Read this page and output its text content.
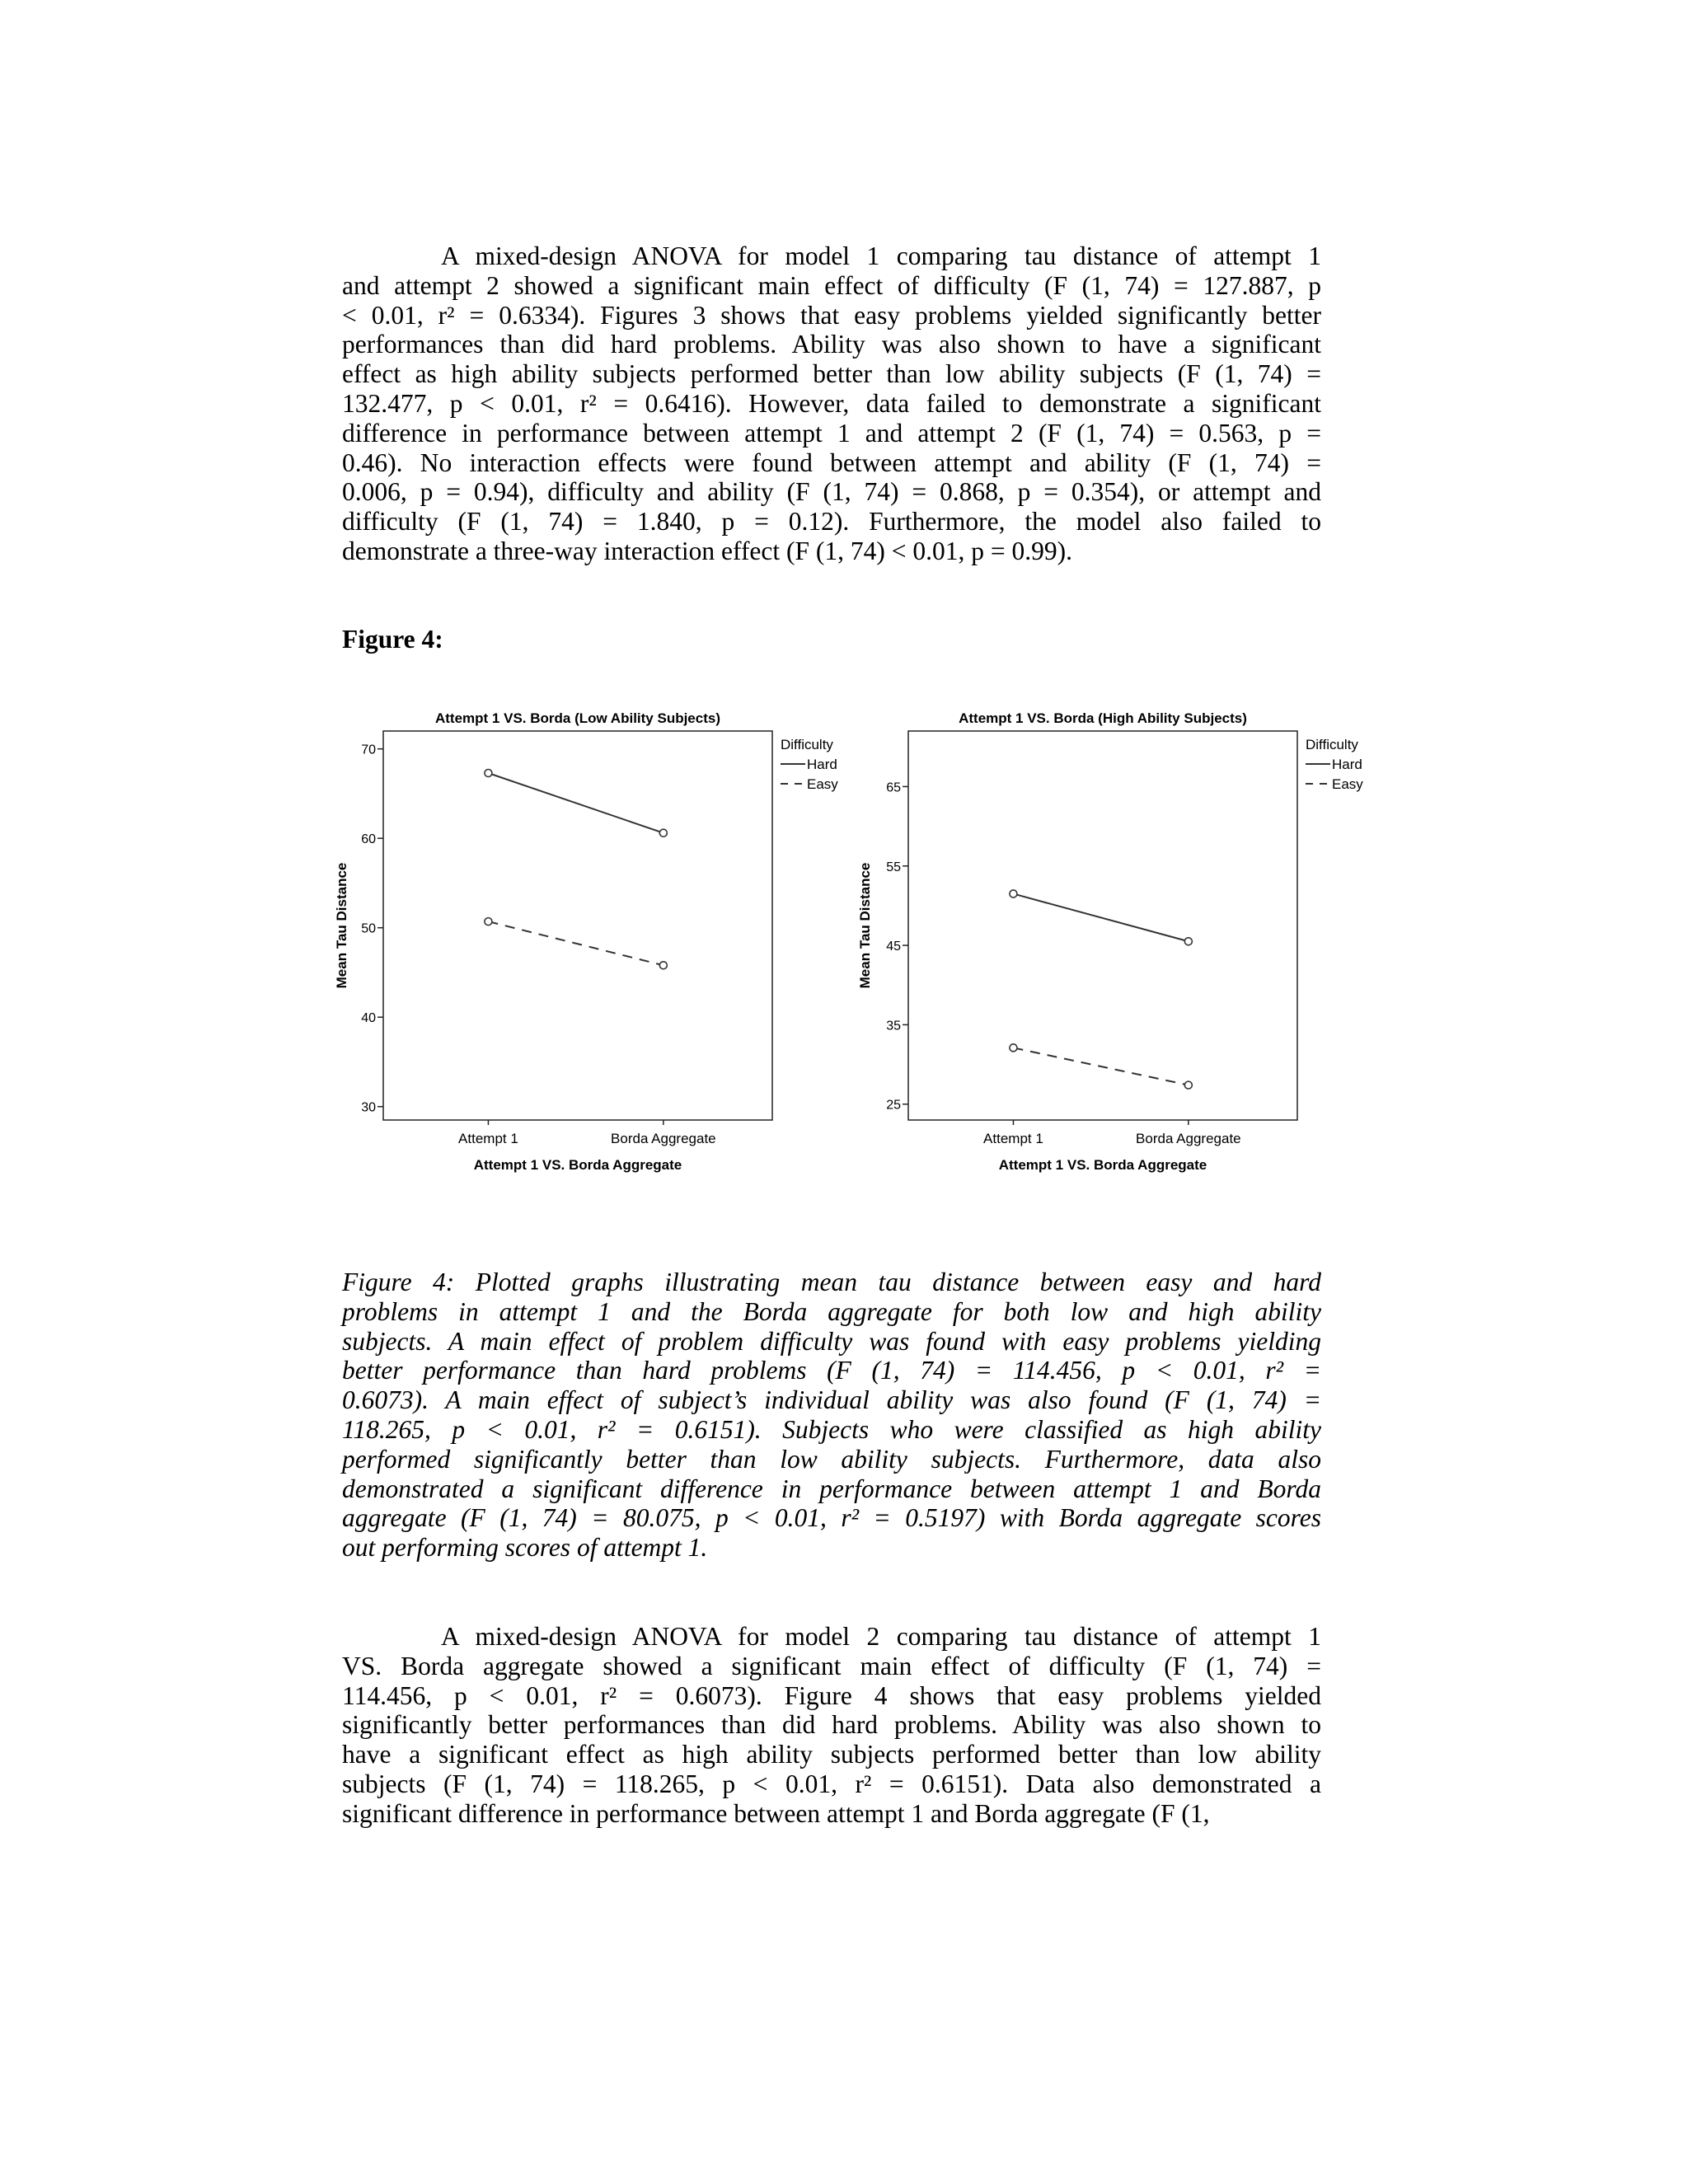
A mixed-design ANOVA for model 1 comparing tau distance of attempt 1
and attempt 2 showed a significant main effect of difficulty (F (1, 74) = 127.887, p
< 0.01, r² = 0.6334). Figures 3 shows that easy problems yielded significantly better
performances than did hard problems. Ability was also shown to have a significant
effect as high ability subjects performed better than low ability subjects (F (1, 74) =
132.477, p < 0.01, r² = 0.6416). However, data failed to demonstrate a significant
difference in performance between attempt 1 and attempt 2 (F (1, 74) = 0.563, p =
0.46). No interaction effects were found between attempt and ability (F (1, 74) =
0.006, p = 0.94), difficulty and ability (F (1, 74) = 0.868, p = 0.354), or attempt and
difficulty (F (1, 74) = 1.840, p = 0.12). Furthermore, the model also failed to
demonstrate a three-way interaction effect (F (1, 74) < 0.01, p = 0.99).
Figure 4:
Attempt 1 VS. Borda (Low Ability Subjects)
30
40
50
60
70
Attempt 1	Borda Aggregate
Attempt 1 VS. Borda Aggregate
Mean Tau Distance
Difficulty
Hard
Easy
Attempt 1 VS. Borda (High Ability Subjects)
25
35
45
55
65
Attempt 1	Borda Aggregate
Attempt 1 VS. Borda Aggregate
Mean Tau Distance
Difficulty
Hard
Easy
Figure 4: Plotted graphs illustrating mean tau distance between easy and hard
problems in attempt 1 and the Borda aggregate for both low and high ability
subjects. A main effect of problem difficulty was found with easy problems yielding
better performance than hard problems (F (1, 74) = 114.456, p < 0.01, r² =
0.6073). A main effect of subject’s individual ability was also found (F (1, 74) =
118.265, p < 0.01, r² = 0.6151). Subjects who were classified as high ability
performed significantly better than low ability subjects. Furthermore, data also
demonstrated a significant difference in performance between attempt 1 and Borda
aggregate (F (1, 74) = 80.075, p < 0.01, r² = 0.5197) with Borda aggregate scores
out performing scores of attempt 1.
A mixed-design ANOVA for model 2 comparing tau distance of attempt 1
VS. Borda aggregate showed a significant main effect of difficulty (F (1, 74) =
114.456, p < 0.01, r² = 0.6073). Figure 4 shows that easy problems yielded
significantly better performances than did hard problems. Ability was also shown to
have a significant effect as high ability subjects performed better than low ability
subjects (F (1, 74) = 118.265, p < 0.01, r² = 0.6151). Data also demonstrated a
significant difference in performance between attempt 1 and Borda aggregate (F (1,
